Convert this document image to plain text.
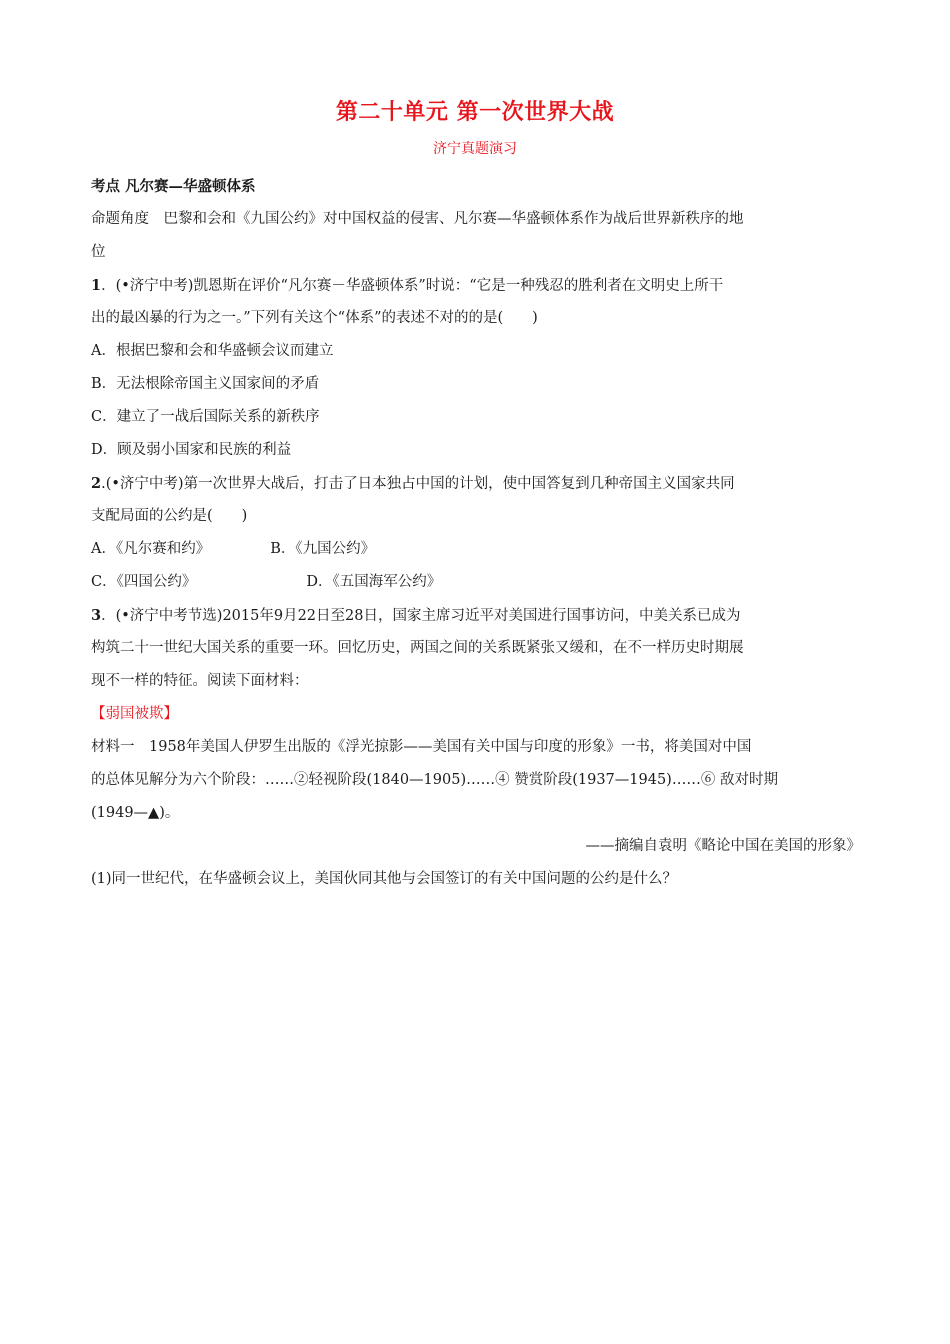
第二十单元 第一次世界大战
济宁真题演习
考点 凡尔赛—华盛顿体系
命题角度　巴黎和会和《九国公约》对中国权益的侵害、凡尔赛—华盛顿体系作为战后世界新秩序的地
位
1．(•济宁中考)凯恩斯在评价“凡尔赛－华盛顿体系”时说：“它是一种残忍的胜利者在文明史上所干
出的最凶暴的行为之一。”下列有关这个“体系”的表述不对的的是(　　)
A．根据巴黎和会和华盛顿会议而建立
B．无法根除帝国主义国家间的矛盾
C．建立了一战后国际关系的新秩序
D．顾及弱小国家和民族的利益
2.(•济宁中考)第一次世界大战后，打击了日本独占中国的计划，使中国答复到几种帝国主义国家共同
支配局面的公约是(　　)
A．《凡尔赛和约》	B．《九国公约》
C．《四国公约》	D．《五国海军公约》
3．(•济宁中考节选)2015年9月22日至28日，国家主席习近平对美国进行国事访问，中美关系已成为
构筑二十一世纪大国关系的重要一环。回忆历史，两国之间的关系既紧张又缓和，在不一样历史时期展
现不一样的特征。阅读下面材料：
【弱国被欺】
材料一　1958年美国人伊罗生出版的《浮光掠影——美国有关中国与印度的形象》一书，将美国对中国
的总体见解分为六个阶段：……②轻视阶段(1840—1905)……④ 赞赏阶段(1937—1945)……⑥ 敌对时期
(1949—▲)。
——摘编自袁明《略论中国在美国的形象》
(1)同一世纪代，在华盛顿会议上，美国伙同其他与会国签订的有关中国问题的公约是什么？
